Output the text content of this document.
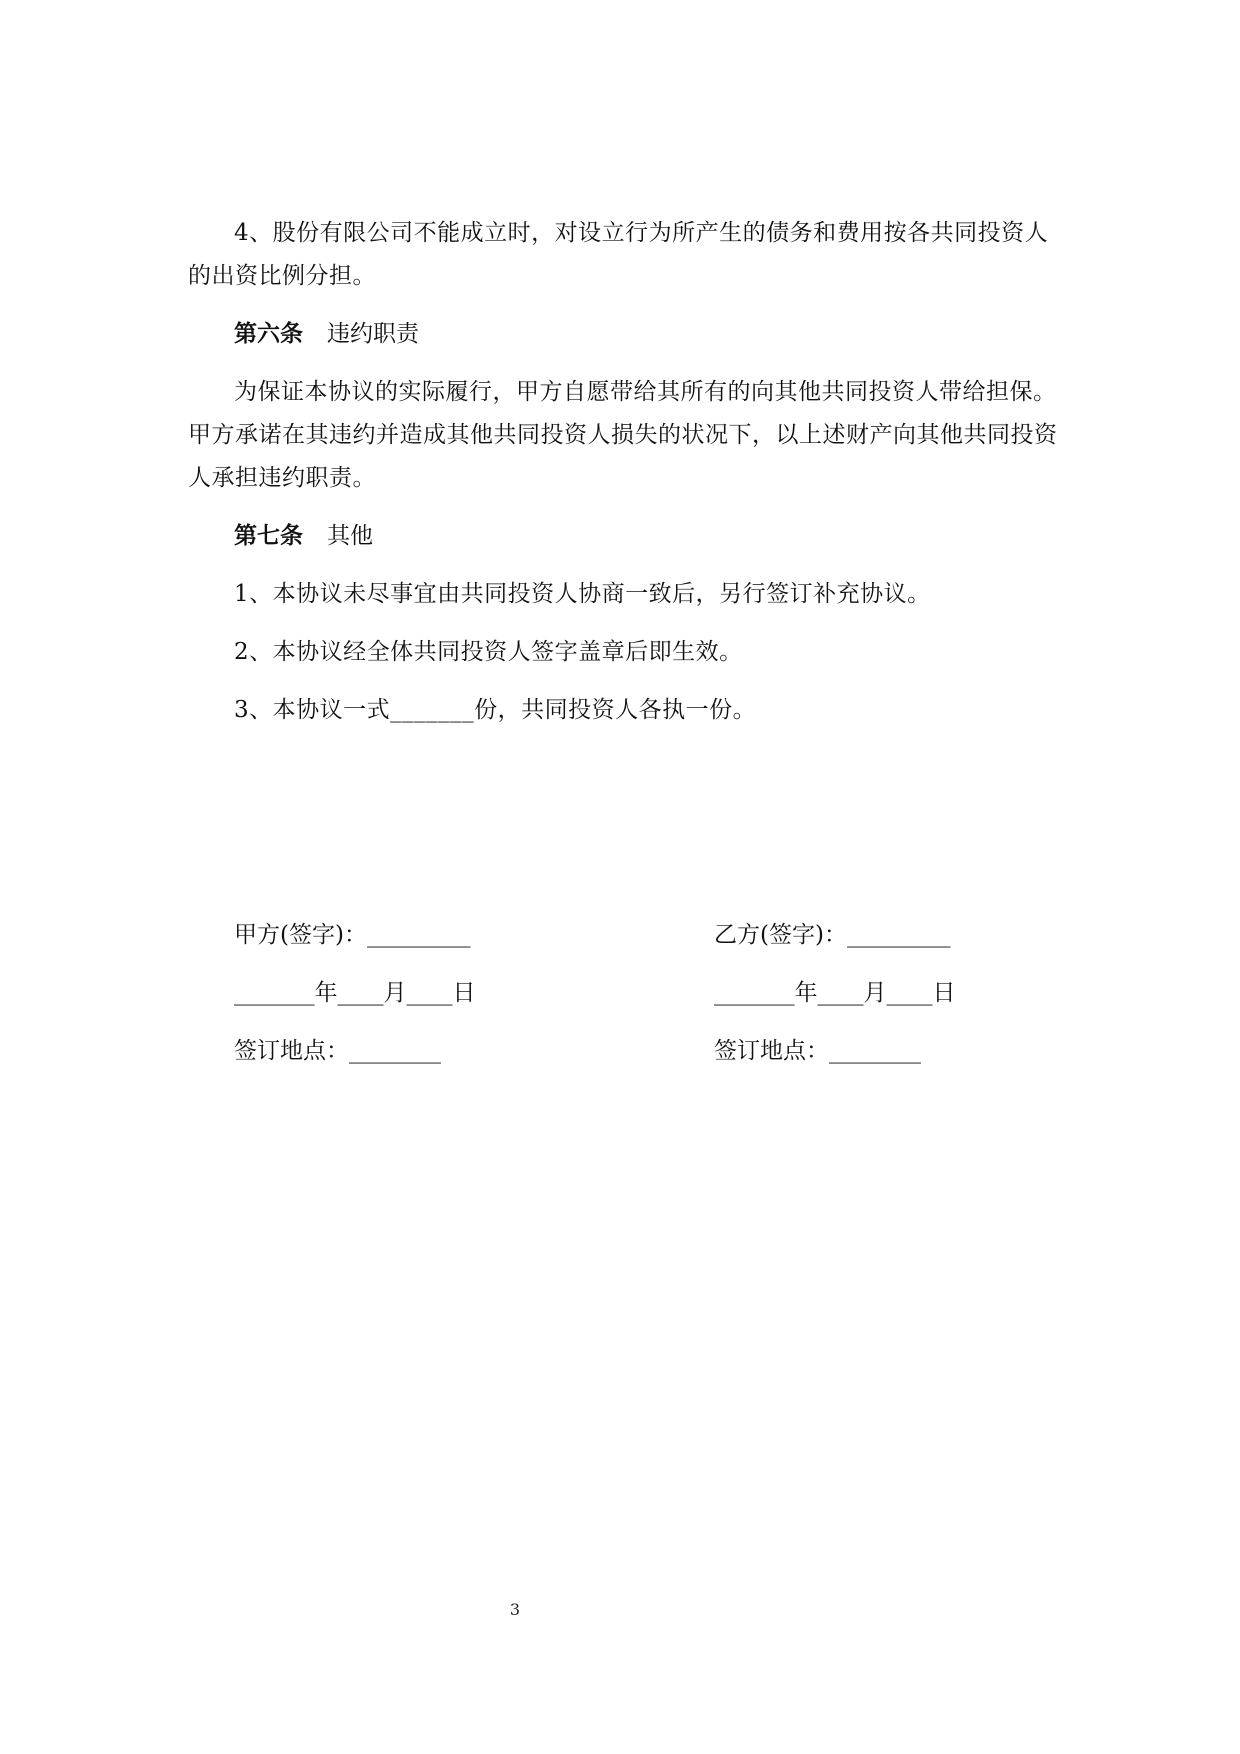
4、股份有限公司不能成立时，对设立行为所产生的债务和费用按各共同投资人的出资比例分担。

第六条 违约职责

为保证本协议的实际履行，甲方自愿带给其所有的向其他共同投资人带给担保。甲方承诺在其违约并造成其他共同投资人损失的状况下，以上述财产向其他共同投资人承担违约职责。

第七条 其他

1、本协议未尽事宜由共同投资人协商一致后，另行签订补充协议。

2、本协议经全体共同投资人签字盖章后即生效。

3、本协议一式_______份，共同投资人各执一份。

甲方(签字)：_________
_______年____月____日
签订地点：________
乙方(签字)：_________
_______年____月____日
签订地点：________
3
